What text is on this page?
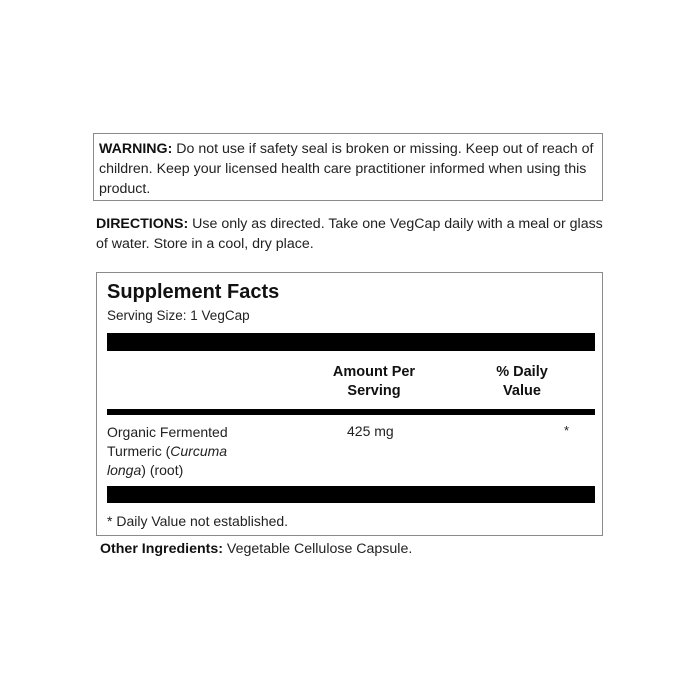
WARNING: Do not use if safety seal is broken or missing. Keep out of reach of children. Keep your licensed health care practitioner informed when using this product.
DIRECTIONS: Use only as directed. Take one VegCap daily with a meal or glass of water. Store in a cool, dry place.
Supplement Facts
Serving Size: 1 VegCap
Amount Per
Serving
% Daily
Value
Organic Fermented Turmeric (Curcuma
longa) (root)
425 mg	*
* Daily Value not established.
Other Ingredients: Vegetable Cellulose Capsule.
